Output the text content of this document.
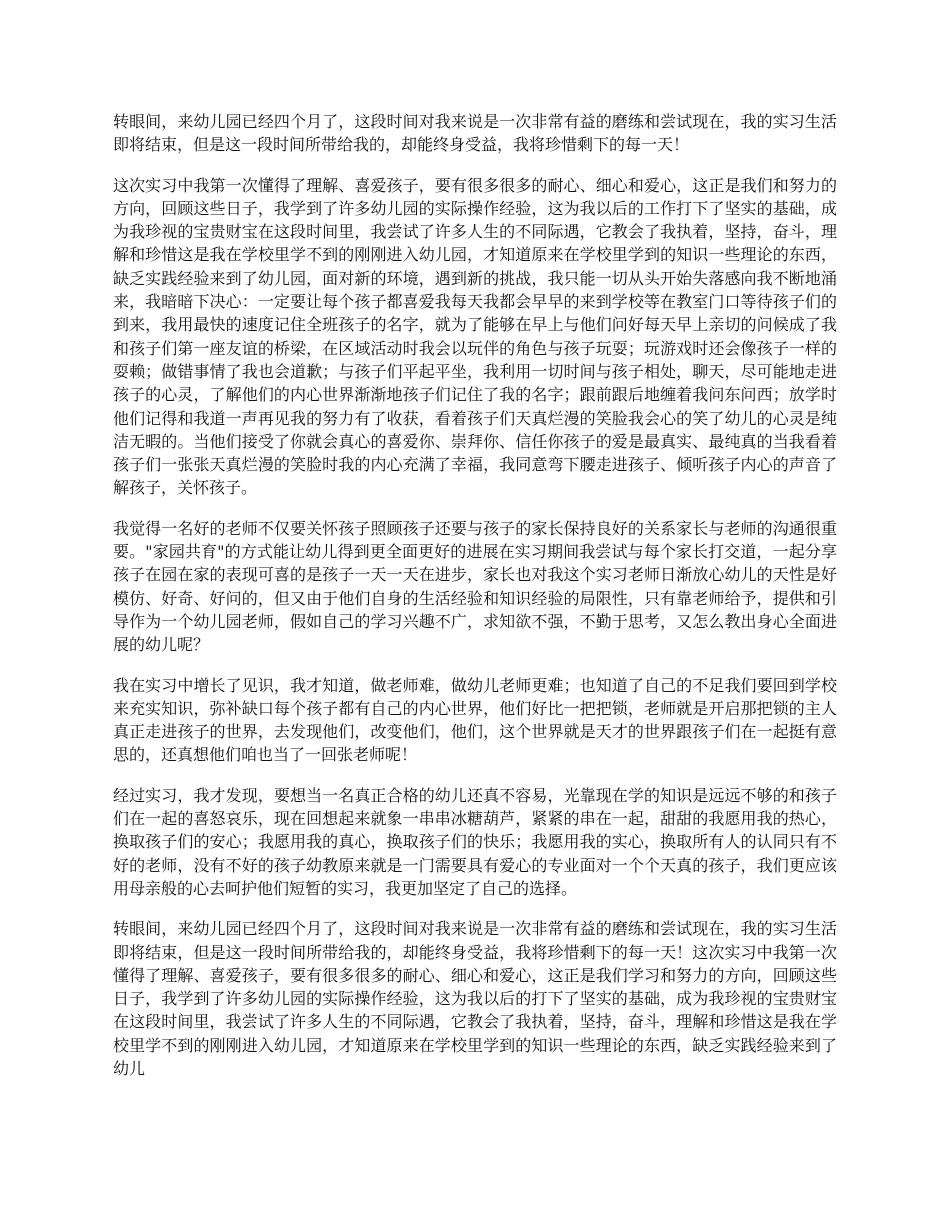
转眼间，来幼儿园已经四个月了，这段时间对我来说是一次非常有益的磨练和尝试现在，我的实习生活即将结束，但是这一段时间所带给我的，却能终身受益，我将珍惜剩下的每一天！

这次实习中我第一次懂得了理解、喜爱孩子，要有很多很多的耐心、细心和爱心，这正是我们和努力的方向，回顾这些日子，我学到了许多幼儿园的实际操作经验，这为我以后的工作打下了坚实的基础，成为我珍视的宝贵财宝在这段时间里，我尝试了许多人生的不同际遇，它教会了我执着，坚持，奋斗，理解和珍惜这是我在学校里学不到的刚刚进入幼儿园，才知道原来在学校里学到的知识一些理论的东西，缺乏实践经验来到了幼儿园，面对新的环境，遇到新的挑战，我只能一切从头开始失落感向我不断地涌来，我暗暗下决心：一定要让每个孩子都喜爱我每天我都会早早的来到学校等在教室门口等待孩子们的到来，我用最快的速度记住全班孩子的名字，就为了能够在早上与他们问好每天早上亲切的问候成了我和孩子们第一座友谊的桥梁，在区域活动时我会以玩伴的角色与孩子玩耍；玩游戏时还会像孩子一样的耍赖；做错事情了我也会道歉；与孩子们平起平坐，我利用一切时间与孩子相处，聊天，尽可能地走进孩子的心灵，了解他们的内心世界渐渐地孩子们记住了我的名字；跟前跟后地缠着我问东问西；放学时他们记得和我道一声再见我的努力有了收获，看着孩子们天真烂漫的笑脸我会心的笑了幼儿的心灵是纯洁无暇的。当他们接受了你就会真心的喜爱你、崇拜你、信任你孩子的爱是最真实、最纯真的当我看着孩子们一张张天真烂漫的笑脸时我的内心充满了幸福，我同意弯下腰走进孩子、倾听孩子内心的声音了解孩子，关怀孩子。

我觉得一名好的老师不仅要关怀孩子照顾孩子还要与孩子的家长保持良好的关系家长与老师的沟通很重要。"家园共育"的方式能让幼儿得到更全面更好的进展在实习期间我尝试与每个家长打交道，一起分享孩子在园在家的表现可喜的是孩子一天一天在进步，家长也对我这个实习老师日渐放心幼儿的天性是好模仿、好奇、好问的，但又由于他们自身的生活经验和知识经验的局限性，只有靠老师给予，提供和引导作为一个幼儿园老师，假如自己的学习兴趣不广，求知欲不强，不勤于思考，又怎么教出身心全面进展的幼儿呢？

我在实习中增长了见识，我才知道，做老师难，做幼儿老师更难；也知道了自己的不足我们要回到学校来充实知识，弥补缺口每个孩子都有自己的内心世界，他们好比一把把锁，老师就是开启那把锁的主人真正走进孩子的世界，去发现他们，改变他们，他们，这个世界就是天才的世界跟孩子们在一起挺有意思的，还真想他们咱也当了一回张老师呢！

经过实习，我才发现，要想当一名真正合格的幼儿还真不容易，光靠现在学的知识是远远不够的和孩子们在一起的喜怒哀乐，现在回想起来就象一串串冰糖葫芦，紧紧的串在一起，甜甜的我愿用我的热心，换取孩子们的安心；我愿用我的真心，换取孩子们的快乐；我愿用我的实心，换取所有人的认同只有不好的老师，没有不好的孩子幼教原来就是一门需要具有爱心的专业面对一个个天真的孩子，我们更应该用母亲般的心去呵护他们短暂的实习，我更加坚定了自己的选择。

转眼间，来幼儿园已经四个月了，这段时间对我来说是一次非常有益的磨练和尝试现在，我的实习生活即将结束，但是这一段时间所带给我的，却能终身受益，我将珍惜剩下的每一天！这次实习中我第一次懂得了理解、喜爱孩子，要有很多很多的耐心、细心和爱心，这正是我们学习和努力的方向，回顾这些日子，我学到了许多幼儿园的实际操作经验，这为我以后的打下了坚实的基础，成为我珍视的宝贵财宝在这段时间里，我尝试了许多人生的不同际遇，它教会了我执着，坚持，奋斗，理解和珍惜这是我在学校里学不到的刚刚进入幼儿园，才知道原来在学校里学到的知识一些理论的东西，缺乏实践经验来到了幼儿
